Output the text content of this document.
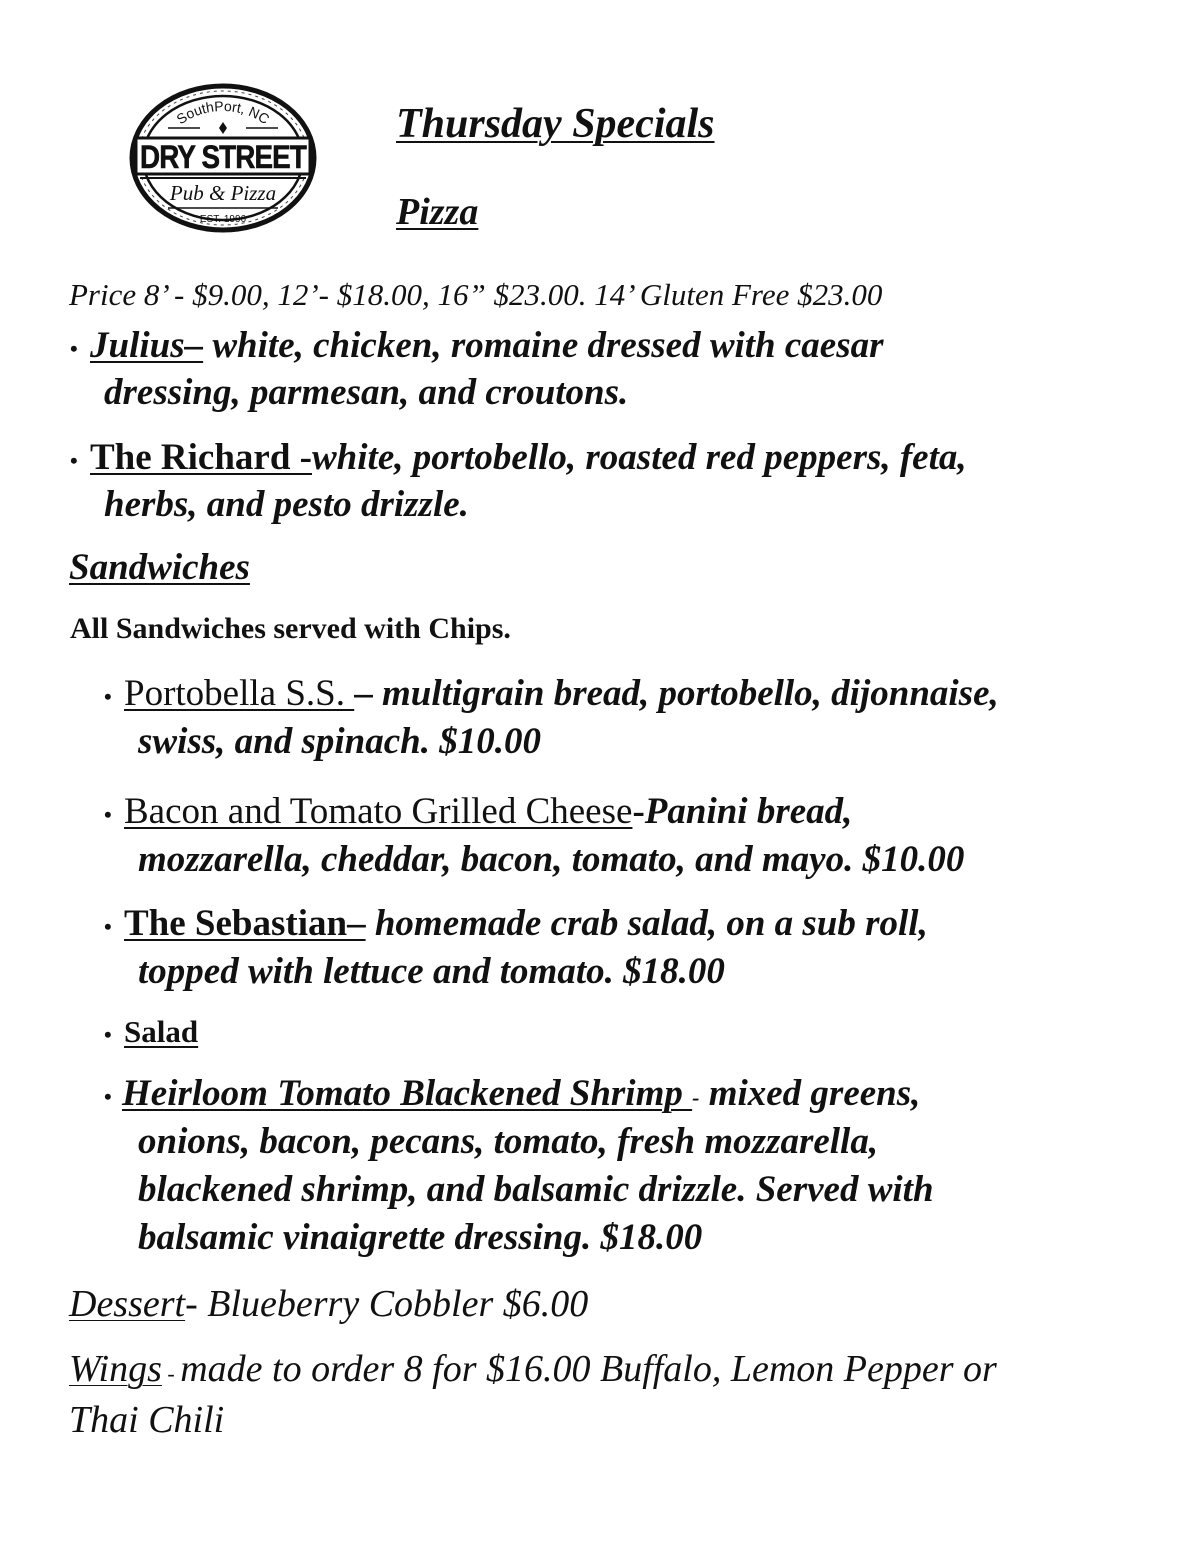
SouthPort, NC
DRY STREET
Pub & Pizza
EST. 1996
Thursday Specials
Pizza
Price 8’ - $9.00, 12’- $18.00, 16” $23.00. 14’ Gluten Free $23.00
• Julius– white, chicken, romaine dressed with caesar
dressing, parmesan, and croutons.
• The Richard -white, portobello, roasted red peppers, feta,
herbs, and pesto drizzle.
Sandwiches
All Sandwiches served with Chips.
• Portobella S.S. – multigrain bread, portobello, dijonnaise,
swiss, and spinach. $10.00
• Bacon and Tomato Grilled Cheese-Panini bread,
mozzarella, cheddar, bacon, tomato, and mayo. $10.00
• The Sebastian– homemade crab salad, on a sub roll,
topped with lettuce and tomato. $18.00
• Salad
• Heirloom Tomato Blackened Shrimp - mixed greens,
onions, bacon, pecans, tomato, fresh mozzarella,
blackened shrimp, and balsamic drizzle. Served with
balsamic vinaigrette dressing. $18.00
Dessert- Blueberry Cobbler $6.00
Wings - made to order 8 for $16.00 Buffalo, Lemon Pepper or
Thai Chili
